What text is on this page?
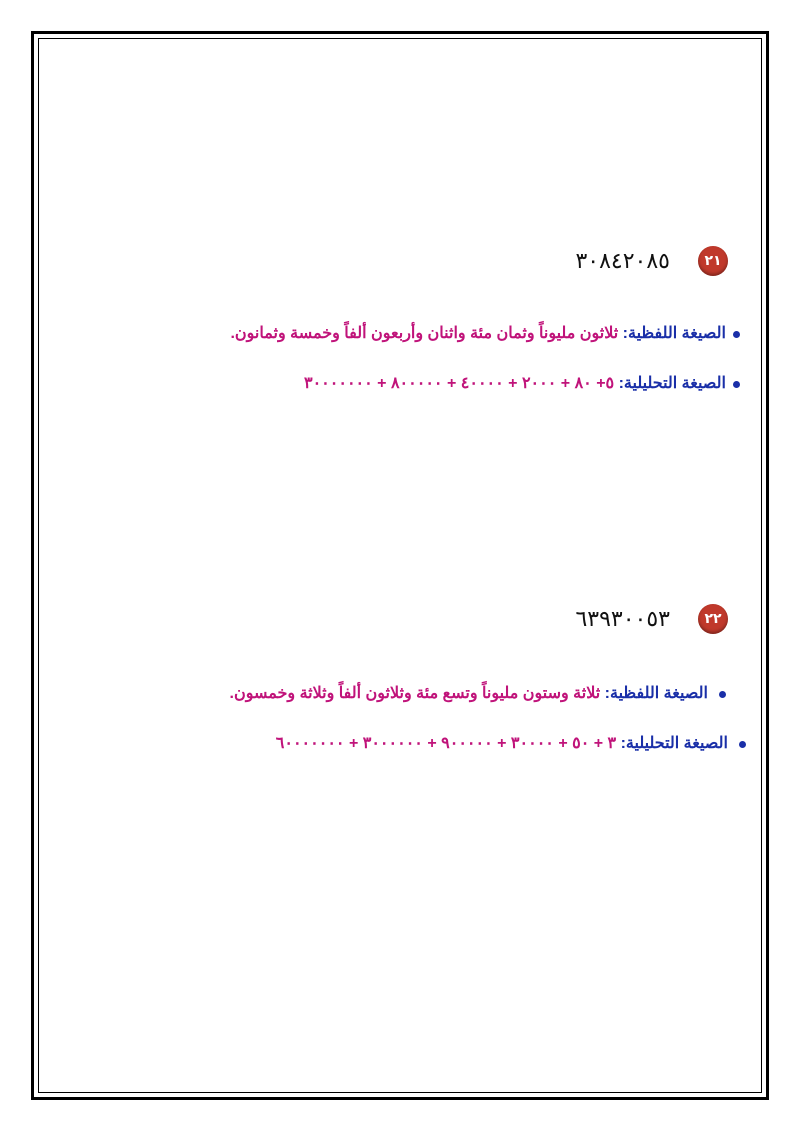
٢١
٣٠٨٤٢٠٨٥
الصيغة اللفظية: ثلاثون مليوناً وثمان مئة واثنان وأربعون ألفاً وخمسة وثمانون.
الصيغة التحليلية: ٥+ ٨٠ + ٢٠٠٠ + ٤٠٠٠٠ + ٨٠٠٠٠٠ + ٣٠٠٠٠٠٠٠
٢٢
٦٣٩٣٠٠٥٣
الصيغة اللفظية: ثلاثة وستون مليوناً وتسع مئة وثلاثون ألفاً وثلاثة وخمسون.
الصيغة التحليلية: ٣ + ٥٠ + ٣٠٠٠٠ + ٩٠٠٠٠٠ + ٣٠٠٠٠٠٠ + ٦٠٠٠٠٠٠٠
